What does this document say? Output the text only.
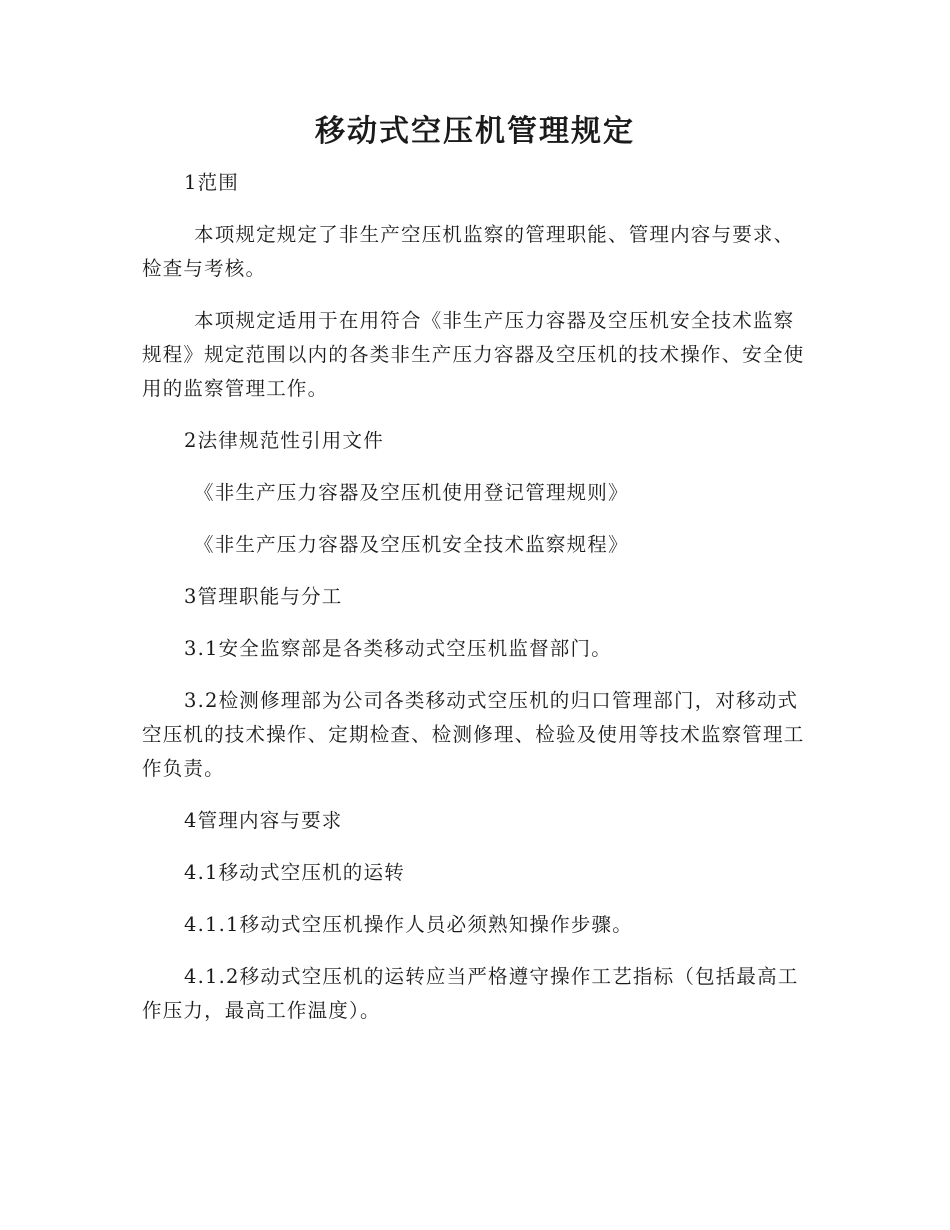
移动式空压机管理规定

1范围

本项规定规定了非生产空压机监察的管理职能、管理内容与要求、检查与考核。

本项规定适用于在用符合《非生产压力容器及空压机安全技术监察规程》规定范围以内的各类非生产压力容器及空压机的技术操作、安全使用的监察管理工作。

2法律规范性引用文件

《非生产压力容器及空压机使用登记管理规则》

《非生产压力容器及空压机安全技术监察规程》

3管理职能与分工

3.1安全监察部是各类移动式空压机监督部门。

3.2检测修理部为公司各类移动式空压机的归口管理部门，对移动式空压机的技术操作、定期检查、检测修理、检验及使用等技术监察管理工作负责。

4管理内容与要求

4.1移动式空压机的运转

4.1.1移动式空压机操作人员必须熟知操作步骤。

4.1.2移动式空压机的运转应当严格遵守操作工艺指标（包括最高工作压力，最高工作温度）。
